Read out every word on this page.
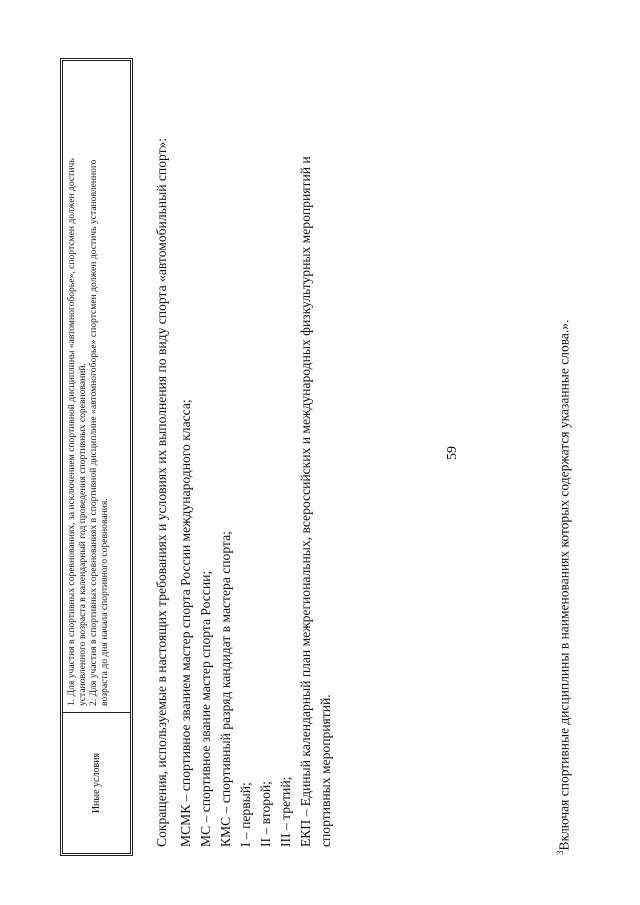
59
Иные условия

1. Для участия в спортивных соревнованиях, за исключением спортивной дисциплины «автомногоборье», спортсмен должен достичь установленного возраста в календарный год проведения спортивных соревнований. 2. Для участия в спортивных соревнованиях в спортивной дисциплине «автомногоборье» спортсмен должен достичь установленного возраста до дня начала спортивного соревнования.	Сокращения, используемые в настоящих требованиях и условиях их выполнения по виду спорта «автомобильный спорт»: МСМК – спортивное званием мастер спорта России международного класса; МС – спортивное звание мастер спорта России; КМС – спортивный разряд кандидат в мастера спорта; I – первый; II – второй; III – третий; ЕКП – Единый календарный план межрегиональных, всероссийских и международных физкультурных мероприятий и спортивных мероприятий.

$^3$Включая спортивные дисциплины в наименованиях которых содержатся указанные слова.».
